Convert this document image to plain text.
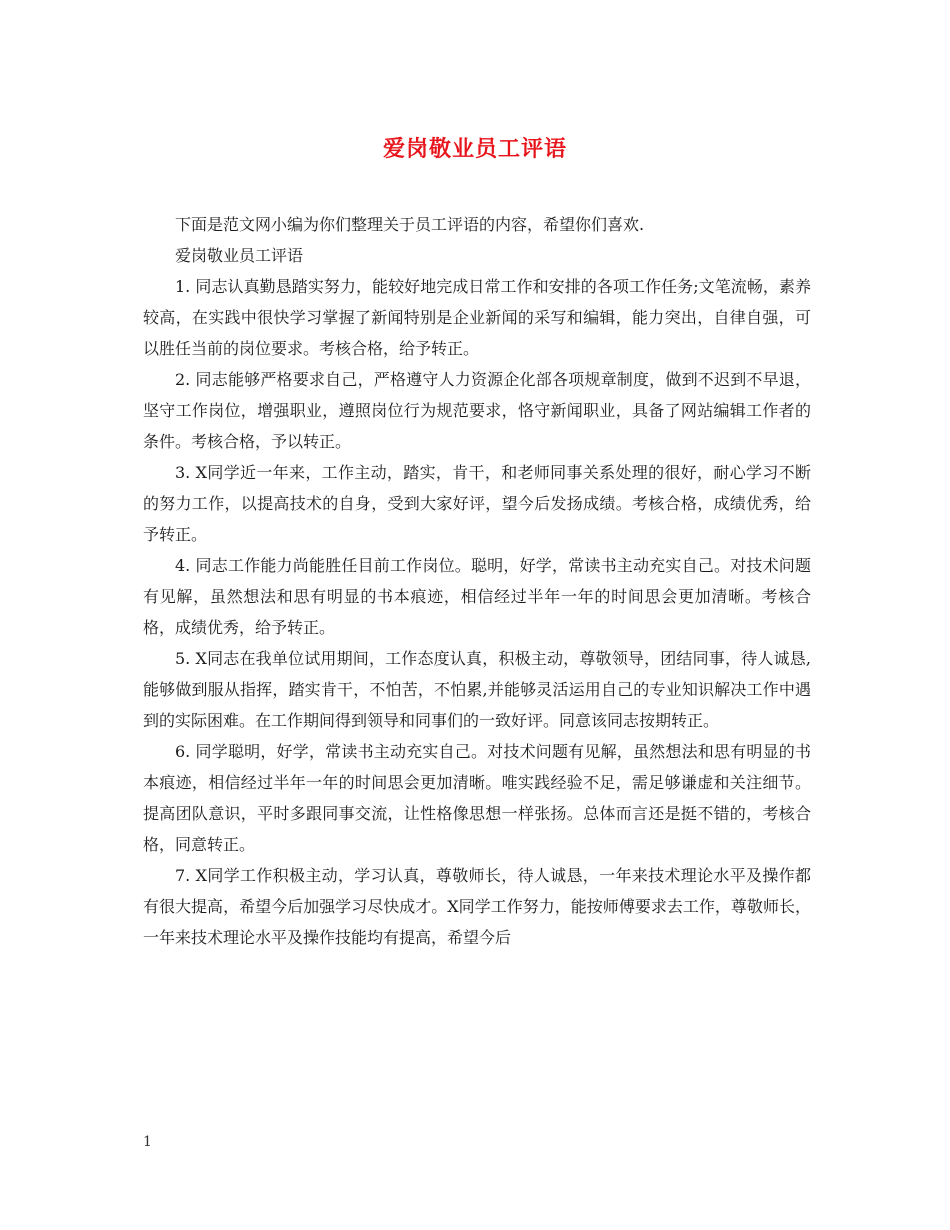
爱岗敬业员工评语

下面是范文网小编为你们整理关于员工评语的内容，希望你们喜欢.

爱岗敬业员工评语

1. 同志认真勤恳踏实努力，能较好地完成日常工作和安排的各项工作任务;文笔流畅，素养较高，在实践中很快学习掌握了新闻特别是企业新闻的采写和编辑，能力突出，自律自强，可以胜任当前的岗位要求。考核合格，给予转正。

2. 同志能够严格要求自己，严格遵守人力资源企化部各项规章制度，做到不迟到不早退，坚守工作岗位，增强职业，遵照岗位行为规范要求，恪守新闻职业，具备了网站编辑工作者的条件。考核合格，予以转正。

3. X同学近一年来，工作主动，踏实，肯干，和老师同事关系处理的很好，耐心学习不断的努力工作，以提高技术的自身，受到大家好评，望今后发扬成绩。考核合格，成绩优秀，给予转正。

4. 同志工作能力尚能胜任目前工作岗位。聪明，好学，常读书主动充实自己。对技术问题有见解，虽然想法和思有明显的书本痕迹，相信经过半年一年的时间思会更加清晰。考核合格，成绩优秀，给予转正。

5. X同志在我单位试用期间，工作态度认真，积极主动，尊敬领导，团结同事，待人诚恳,能够做到服从指挥，踏实肯干，不怕苦，不怕累,并能够灵活运用自己的专业知识解决工作中遇到的实际困难。在工作期间得到领导和同事们的一致好评。同意该同志按期转正。

6. 同学聪明，好学，常读书主动充实自己。对技术问题有见解，虽然想法和思有明显的书本痕迹，相信经过半年一年的时间思会更加清晰。唯实践经验不足，需足够谦虚和关注细节。提高团队意识，平时多跟同事交流，让性格像思想一样张扬。总体而言还是挺不错的，考核合格，同意转正。

7. X同学工作积极主动，学习认真，尊敬师长，待人诚恳，一年来技术理论水平及操作都有很大提高，希望今后加强学习尽快成才。X同学工作努力，能按师傅要求去工作，尊敬师长，一年来技术理论水平及操作技能均有提高，希望今后

1
